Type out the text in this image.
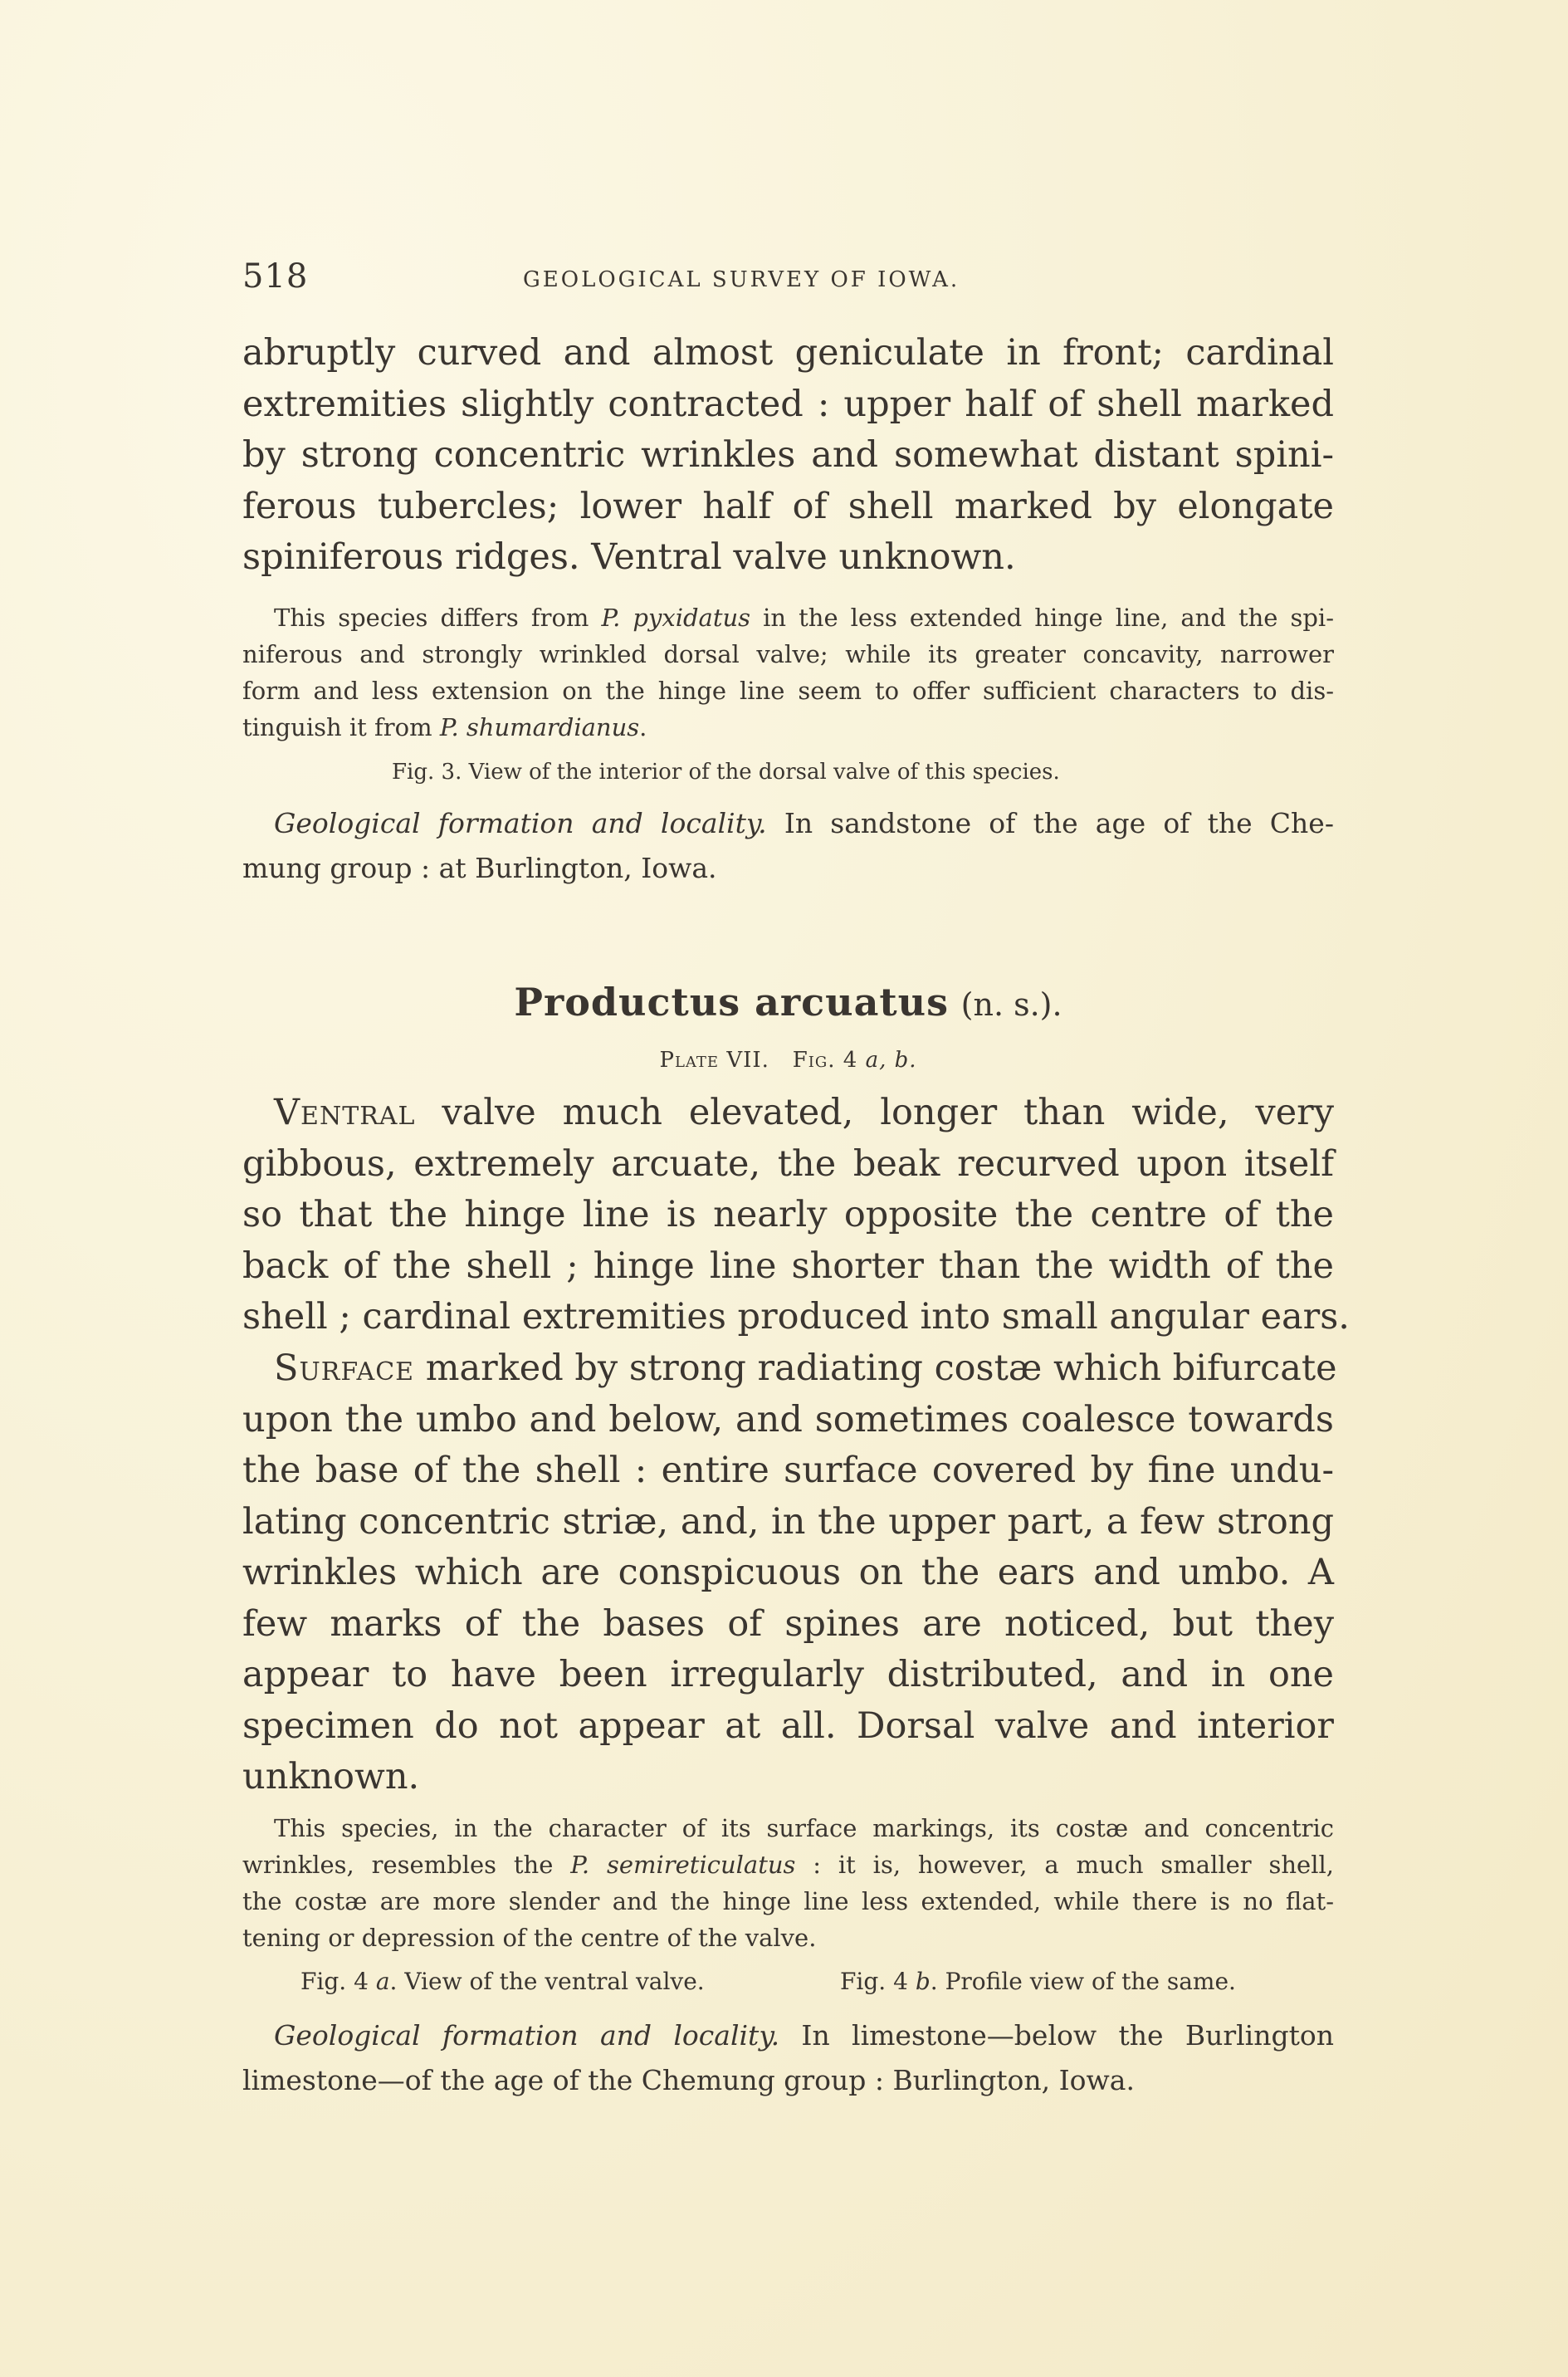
518	GEOLOGICAL SURVEY OF IOWA.
abruptly curved and almost geniculate in front; cardinal
extremities slightly contracted : upper half of shell marked
by strong concentric wrinkles and somewhat distant spini-
ferous tubercles; lower half of shell marked by elongate
spiniferous ridges. Ventral valve unknown.
This species differs from P. pyxidatus in the less extended hinge line, and the spi-
niferous and strongly wrinkled dorsal valve; while its greater concavity, narrower
form and less extension on the hinge line seem to offer sufficient characters to dis-
tinguish it from P. shumardianus.
Fig. 3. View of the interior of the dorsal valve of this species.
Geological formation and locality. In sandstone of the age of the Che-
mung group : at Burlington, Iowa.
Productus arcuatus (n. s.).
Plate VII. Fig. 4 a, b.
Ventral valve much elevated, longer than wide, very
gibbous, extremely arcuate, the beak recurved upon itself
so that the hinge line is nearly opposite the centre of the
back of the shell ; hinge line shorter than the width of the
shell ; cardinal extremities produced into small angular ears.
Surface marked by strong radiating costæ which bifurcate
upon the umbo and below, and sometimes coalesce towards
the base of the shell : entire surface covered by fine undu-
lating concentric striæ, and, in the upper part, a few strong
wrinkles which are conspicuous on the ears and umbo. A
few marks of the bases of spines are noticed, but they
appear to have been irregularly distributed, and in one
specimen do not appear at all. Dorsal valve and interior
unknown.
This species, in the character of its surface markings, its costæ and concentric
wrinkles, resembles the P. semireticulatus : it is, however, a much smaller shell,
the costæ are more slender and the hinge line less extended, while there is no flat-
tening or depression of the centre of the valve.
Fig. 4 a. View of the ventral valve.	Fig. 4 b. Profile view of the same.
Geological formation and locality. In limestone—below the Burlington
limestone—of the age of the Chemung group : Burlington, Iowa.
